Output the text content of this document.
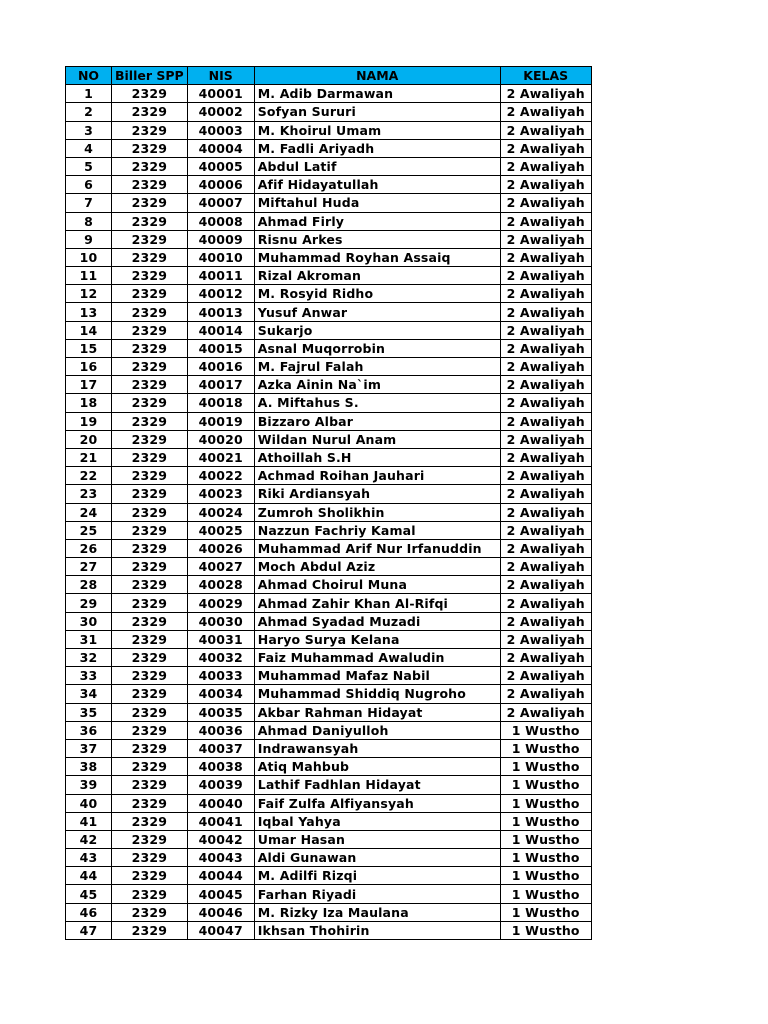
NO	Biller SPP	NIS	NAMA	KELAS
1	2329	40001	M. Adib Darmawan	2 Awaliyah
2	2329	40002	Sofyan Sururi	2 Awaliyah
3	2329	40003	M. Khoirul Umam	2 Awaliyah
4	2329	40004	M. Fadli Ariyadh	2 Awaliyah
5	2329	40005	Abdul Latif	2 Awaliyah
6	2329	40006	Afif Hidayatullah	2 Awaliyah
7	2329	40007	Miftahul Huda	2 Awaliyah
8	2329	40008	Ahmad Firly	2 Awaliyah
9	2329	40009	Risnu Arkes	2 Awaliyah
10	2329	40010	Muhammad Royhan Assaiq	2 Awaliyah
11	2329	40011	Rizal Akroman	2 Awaliyah
12	2329	40012	M. Rosyid Ridho	2 Awaliyah
13	2329	40013	Yusuf Anwar	2 Awaliyah
14	2329	40014	Sukarjo	2 Awaliyah
15	2329	40015	Asnal Muqorrobin	2 Awaliyah
16	2329	40016	M. Fajrul Falah	2 Awaliyah
17	2329	40017	Azka Ainin Na`im	2 Awaliyah
18	2329	40018	A. Miftahus S.	2 Awaliyah
19	2329	40019	Bizzaro Albar	2 Awaliyah
20	2329	40020	Wildan Nurul Anam	2 Awaliyah
21	2329	40021	Athoillah S.H	2 Awaliyah
22	2329	40022	Achmad Roihan Jauhari	2 Awaliyah
23	2329	40023	Riki Ardiansyah	2 Awaliyah
24	2329	40024	Zumroh Sholikhin	2 Awaliyah
25	2329	40025	Nazzun Fachriy Kamal	2 Awaliyah
26	2329	40026	Muhammad Arif Nur Irfanuddin	2 Awaliyah
27	2329	40027	Moch Abdul Aziz	2 Awaliyah
28	2329	40028	Ahmad Choirul Muna	2 Awaliyah
29	2329	40029	Ahmad Zahir Khan Al-Rifqi	2 Awaliyah
30	2329	40030	Ahmad Syadad Muzadi	2 Awaliyah
31	2329	40031	Haryo Surya Kelana	2 Awaliyah
32	2329	40032	Faiz Muhammad Awaludin	2 Awaliyah
33	2329	40033	Muhammad Mafaz Nabil	2 Awaliyah
34	2329	40034	Muhammad Shiddiq Nugroho	2 Awaliyah
35	2329	40035	Akbar Rahman Hidayat	2 Awaliyah
36	2329	40036	Ahmad Daniyulloh	1 Wustho
37	2329	40037	Indrawansyah	1 Wustho
38	2329	40038	Atiq Mahbub	1 Wustho
39	2329	40039	Lathif Fadhlan Hidayat	1 Wustho
40	2329	40040	Faif Zulfa Alfiyansyah	1 Wustho
41	2329	40041	Iqbal Yahya	1 Wustho
42	2329	40042	Umar Hasan	1 Wustho
43	2329	40043	Aldi Gunawan	1 Wustho
44	2329	40044	M. Adilfi Rizqi	1 Wustho
45	2329	40045	Farhan Riyadi	1 Wustho
46	2329	40046	M. Rizky Iza Maulana	1 Wustho
47	2329	40047	Ikhsan Thohirin	1 Wustho
